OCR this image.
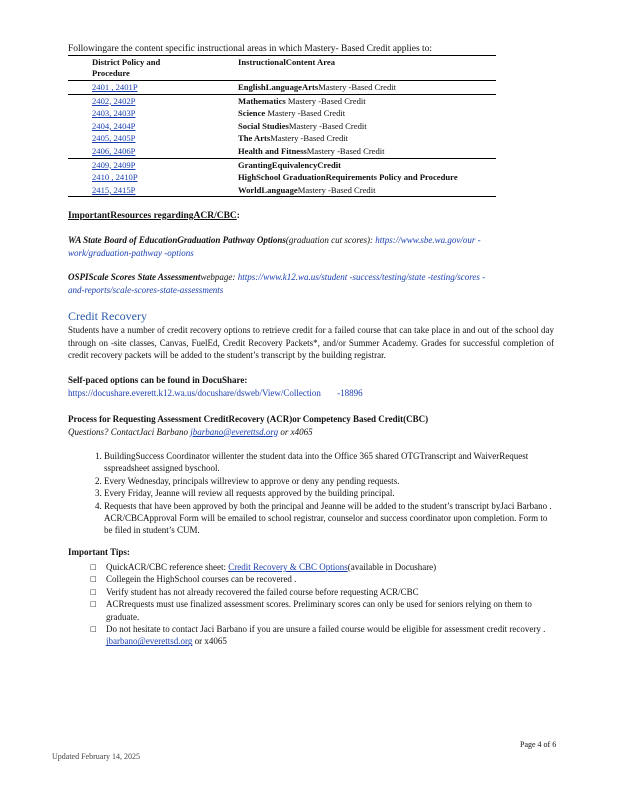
Followingare the content specific instructional areas in which Mastery- Based Credit applies to:
District Policy and
Procedure	InstructionalContent Area
2401 , 2401P	EnglishLanguageArtsMastery -Based Credit
2402, 2402P	Mathematics Mastery -Based Credit
2403, 2403P	Science Mastery -Based Credit
2404, 2404P	Social StudiesMastery -Based Credit
2405, 2405P	The ArtsMastery -Based Credit
2406, 2406P	Health and FitnessMastery -Based Credit
2409, 2409P	GrantingEquivalencyCredit
2410 , 2410P	HighSchool GraduationRequirements Policy and Procedure
2415, 2415P	WorldLanguageMastery -Based Credit
ImportantResources regardingACR/CBC:
WA State Board of EducationGraduation Pathway Options(graduation cut scores): https://www.sbe.wa.gov/our -
work/graduation-pathway -options
OSPIScale Scores State Assessmentwebpage: https://www.k12.wa.us/student -success/testing/state -testing/scores -
and-reports/scale-scores-state-assessments
Credit Recovery
Students have a number of credit recovery options to retrieve credit for a failed course that can take place in and out of the school day through on -site classes, Canvas, FuelEd, Credit Recovery Packets*, and/or Summer Academy. Grades for successful completion of credit recovery packets will be added to the student’s transcript by the building registrar.
Self-paced options can be found in DocuShare:
https://docushare.everett.k12.wa.us/docushare/dsweb/View/Collection -18896
Process for Requesting Assessment CreditRecovery (ACR)or Competency Based Credit(CBC)
Questions? ContactJaci Barbano jbarbano@everettsd.org or x4065
1. BuildingSuccess Coordinator willenter the student data into the Office 365 shared OTGTranscript and WaiverRequest sspreadsheet assigned byschool.
2. Every Wednesday, principals willreview to approve or deny any pending requests.
3. Every Friday, Jeanne will review all requests approved by the building principal.
4. Requests that have been approved by both the principal and Jeanne will be added to the student’s transcript byJaci Barbano . ACR/CBCApproval Form will be emailed to school registrar, counselor and success coordinator upon completion. Form to be filed in student’s CUM.
Important Tips:
□ QuickACR/CBC reference sheet: Credit Recovery & CBC Options(available in Docushare)
□ Collegein the HighSchool courses can be recovered .
□ Verify student has not already recovered the failed course before requesting ACR/CBC
□ ACRrequests must use finalized assessment scores. Preliminary scores can only be used for seniors relying on them to graduate.
□ Do not hesitate to contact Jaci Barbano if you are unsure a failed course would be eligible for assessment credit recovery . jbarbano@everettsd.org or x4065
Updated February 14, 2025
Page 4 of 6
